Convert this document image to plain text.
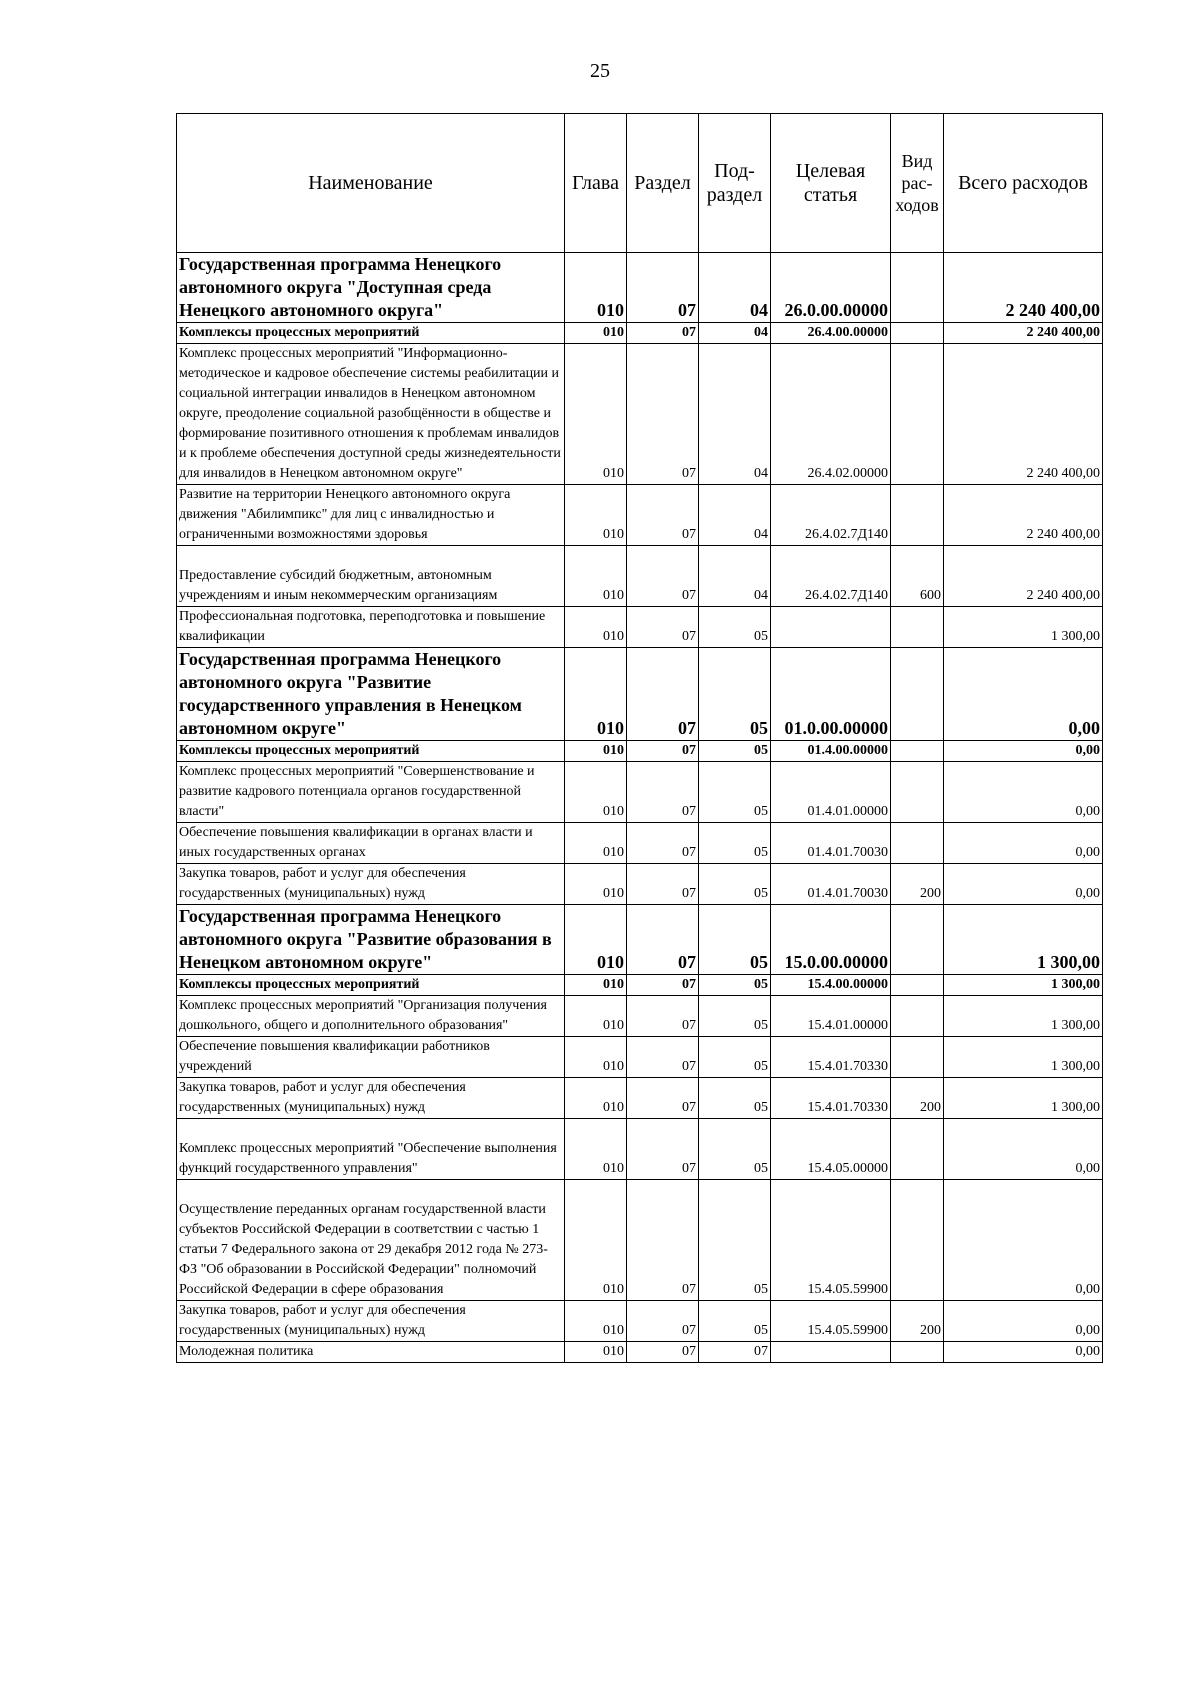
25
Наименование	Глава	Раздел	Под-раздел	Целевая статья	Вид рас-ходов	Всего расходов
Государственная программа Ненецкого автономного округа "Доступная среда Ненецкого автономного округа"	010	07	04	26.0.00.00000		2 240 400,00
Комплексы процессных мероприятий	010	07	04	26.4.00.00000		2 240 400,00
Комплекс процессных мероприятий "Информационно-методическое и кадровое обеспечение системы реабилитации и социальной интеграции инвалидов в Ненецком автономном округе, преодоление социальной разобщённости в обществе и формирование позитивного отношения к проблемам инвалидов и к проблеме обеспечения доступной среды жизнедеятельности для инвалидов в Ненецком автономном округе"	010	07	04	26.4.02.00000		2 240 400,00
Развитие на территории Ненецкого автономного округа движения "Абилимпикс" для лиц с инвалидностью и ограниченными возможностями здоровья	010	07	04	26.4.02.7Д140		2 240 400,00
Предоставление субсидий бюджетным, автономным учреждениям и иным некоммерческим организациям	010	07	04	26.4.02.7Д140	600	2 240 400,00
Профессиональная подготовка, переподготовка и повышение квалификации	010	07	05			1 300,00
Государственная программа Ненецкого автономного округа "Развитие государственного управления в Ненецком автономном округе"	010	07	05	01.0.00.00000		0,00
Комплексы процессных мероприятий	010	07	05	01.4.00.00000		0,00
Комплекс процессных мероприятий "Совершенствование и развитие кадрового потенциала органов государственной власти"	010	07	05	01.4.01.00000		0,00
Обеспечение повышения квалификации в органах власти и иных государственных органах	010	07	05	01.4.01.70030		0,00
Закупка товаров, работ и услуг для обеспечения государственных (муниципальных) нужд	010	07	05	01.4.01.70030	200	0,00
Государственная программа Ненецкого автономного округа "Развитие образования в Ненецком автономном округе"	010	07	05	15.0.00.00000		1 300,00
Комплексы процессных мероприятий	010	07	05	15.4.00.00000		1 300,00
Комплекс процессных мероприятий "Организация получения дошкольного, общего и дополнительного образования"	010	07	05	15.4.01.00000		1 300,00
Обеспечение повышения квалификации работников учреждений	010	07	05	15.4.01.70330		1 300,00
Закупка товаров, работ и услуг для обеспечения государственных (муниципальных) нужд	010	07	05	15.4.01.70330	200	1 300,00
Комплекс процессных мероприятий "Обеспечение выполнения функций государственного управления"	010	07	05	15.4.05.00000		0,00
Осуществление переданных органам государственной власти субъектов Российской Федерации в соответствии с частью 1 статьи 7 Федерального закона от 29 декабря 2012 года № 273-ФЗ "Об образовании в Российской Федерации" полномочий Российской Федерации в сфере образования	010	07	05	15.4.05.59900		0,00
Закупка товаров, работ и услуг для обеспечения государственных (муниципальных) нужд	010	07	05	15.4.05.59900	200	0,00
Молодежная политика	010	07	07			0,00
